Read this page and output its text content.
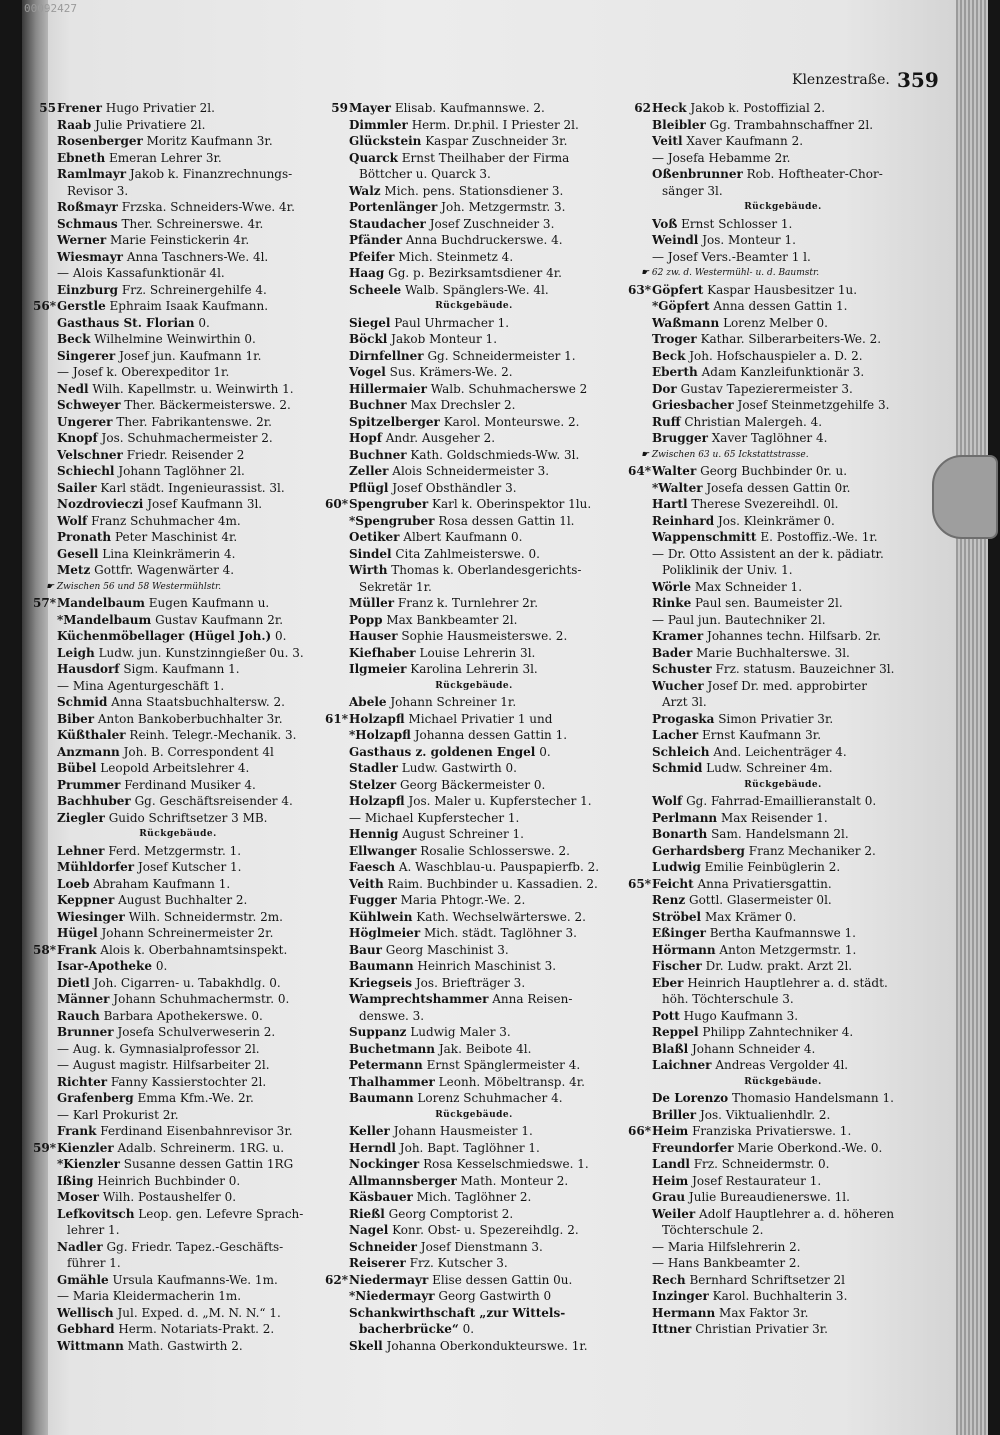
00092427
Klenzestraße. 359
55 Frener Hugo Privatier 2l.
Raab Julie Privatiere 2l.
Rosenberger Moritz Kaufmann 3r.
Ebneth Emeran Lehrer 3r.
Ramlmayr Jakob k. Finanzrechnungs-
Revisor 3.
Roßmayr Frzska. Schneiders-Wwe. 4r.
Schmaus Ther. Schreinerswe. 4r.
Werner Marie Feinstickerin 4r.
Wiesmayr Anna Taschners-We. 4l.
— Alois Kassafunktionär 4l.
Einzburg Frz. Schreinergehilfe 4.
56* Gerstle Ephraim Isaak Kaufmann.
Gasthaus St. Florian 0.
Beck Wilhelmine Weinwirthin 0.
Singerer Josef jun. Kaufmann 1r.
— Josef k. Oberexpeditor 1r.
Nedl Wilh. Kapellmstr. u. Weinwirth 1.
Schweyer Ther. Bäckermeisterswe. 2.
Ungerer Ther. Fabrikantenswe. 2r.
Knopf Jos. Schuhmachermeister 2.
Velschner Friedr. Reisender 2
Schiechl Johann Taglöhner 2l.
Sailer Karl städt. Ingenieurassist. 3l.
Nozdrovieczi Josef Kaufmann 3l.
Wolf Franz Schuhmacher 4m.
Pronath Peter Maschinist 4r.
Gesell Lina Kleinkrämerin 4.
Metz Gottfr. Wagenwärter 4.
☛ Zwischen 56 und 58 Westermühlstr.
57* Mandelbaum Eugen Kaufmann u.
*Mandelbaum Gustav Kaufmann 2r.
Küchenmöbellager (Hügel Joh.) 0.
Leigh Ludw. jun. Kunstzinngießer 0u. 3.
Hausdorf Sigm. Kaufmann 1.
— Mina Agenturgeschäft 1.
Schmid Anna Staatsbuchhaltersw. 2.
Biber Anton Bankoberbuchhalter 3r.
Küßthaler Reinh. Telegr.-Mechanik. 3.
Anzmann Joh. B. Correspondent 4l
Bübel Leopold Arbeitslehrer 4.
Prummer Ferdinand Musiker 4.
Bachhuber Gg. Geschäftsreisender 4.
Ziegler Guido Schriftsetzer 3 MB.
Rückgebäude.
Lehner Ferd. Metzgermstr. 1.
Mühldorfer Josef Kutscher 1.
Loeb Abraham Kaufmann 1.
Keppner August Buchhalter 2.
Wiesinger Wilh. Schneidermstr. 2m.
Hügel Johann Schreinermeister 2r.
58* Frank Alois k. Oberbahnamtsinspekt.
Isar-Apotheke 0.
Dietl Joh. Cigarren- u. Tabakhdlg. 0.
Männer Johann Schuhmachermstr. 0.
Rauch Barbara Apothekerswe. 0.
Brunner Josefa Schulverweserin 2.
— Aug. k. Gymnasialprofessor 2l.
— August magistr. Hilfsarbeiter 2l.
Richter Fanny Kassierstochter 2l.
Grafenberg Emma Kfm.-We. 2r.
— Karl Prokurist 2r.
Frank Ferdinand Eisenbahnrevisor 3r.
59* Kienzler Adalb. Schreinerm. 1RG. u.
*Kienzler Susanne dessen Gattin 1RG
Ißing Heinrich Buchbinder 0.
Moser Wilh. Postaushelfer 0.
Lefkovitsch Leop. gen. Lefevre Sprach-
lehrer 1.
Nadler Gg. Friedr. Tapez.-Geschäfts-
führer 1.
Gmähle Ursula Kaufmanns-We. 1m.
— Maria Kleidermacherin 1m.
Wellisch Jul. Exped. d. „M. N. N.“ 1.
Gebhard Herm. Notariats-Prakt. 2.
Wittmann Math. Gastwirth 2.
59 Mayer Elisab. Kaufmannswe. 2.
Dimmler Herm. Dr.phil. I Priester 2l.
Glückstein Kaspar Zuschneider 3r.
Quarck Ernst Theilhaber der Firma
Böttcher u. Quarck 3.
Walz Mich. pens. Stationsdiener 3.
Portenlänger Joh. Metzgermstr. 3.
Staudacher Josef Zuschneider 3.
Pfänder Anna Buchdruckerswe. 4.
Pfeifer Mich. Steinmetz 4.
Haag Gg. p. Bezirksamtsdiener 4r.
Scheele Walb. Spänglers-We. 4l.
Rückgebäude.
Siegel Paul Uhrmacher 1.
Böckl Jakob Monteur 1.
Dirnfellner Gg. Schneidermeister 1.
Vogel Sus. Krämers-We. 2.
Hillermaier Walb. Schuhmacherswe 2
Buchner Max Drechsler 2.
Spitzelberger Karol. Monteurswe. 2.
Hopf Andr. Ausgeher 2.
Buchner Kath. Goldschmieds-Ww. 3l.
Zeller Alois Schneidermeister 3.
Pflügl Josef Obsthändler 3.
60* Spengruber Karl k. Oberinspektor 1lu.
*Spengruber Rosa dessen Gattin 1l.
Oetiker Albert Kaufmann 0.
Sindel Cita Zahlmeisterswe. 0.
Wirth Thomas k. Oberlandesgerichts-
Sekretär 1r.
Müller Franz k. Turnlehrer 2r.
Popp Max Bankbeamter 2l.
Hauser Sophie Hausmeisterswe. 2.
Kiefhaber Louise Lehrerin 3l.
Ilgmeier Karolina Lehrerin 3l.
Rückgebäude.
Abele Johann Schreiner 1r.
61* Holzapfl Michael Privatier 1 und
*Holzapfl Johanna dessen Gattin 1.
Gasthaus z. goldenen Engel 0.
Stadler Ludw. Gastwirth 0.
Stelzer Georg Bäckermeister 0.
Holzapfl Jos. Maler u. Kupferstecher 1.
— Michael Kupferstecher 1.
Hennig August Schreiner 1.
Ellwanger Rosalie Schlosserswe. 2.
Faesch A. Waschblau-u. Pauspapierfb. 2.
Veith Raim. Buchbinder u. Kassadien. 2.
Fugger Maria Phtogr.-We. 2.
Kühlwein Kath. Wechselwärterswe. 2.
Höglmeier Mich. städt. Taglöhner 3.
Baur Georg Maschinist 3.
Baumann Heinrich Maschinist 3.
Kriegseis Jos. Briefträger 3.
Wamprechtshammer Anna Reisen-
denswe. 3.
Suppanz Ludwig Maler 3.
Buchetmann Jak. Beibote 4l.
Petermann Ernst Spänglermeister 4.
Thalhammer Leonh. Möbeltransp. 4r.
Baumann Lorenz Schuhmacher 4.
Rückgebäude.
Keller Johann Hausmeister 1.
Herndl Joh. Bapt. Taglöhner 1.
Nockinger Rosa Kesselschmiedswe. 1.
Allmannsberger Math. Monteur 2.
Käsbauer Mich. Taglöhner 2.
Rießl Georg Comptorist 2.
Nagel Konr. Obst- u. Spezereihdlg. 2.
Schneider Josef Dienstmann 3.
Reiserer Frz. Kutscher 3.
62* Niedermayr Elise dessen Gattin 0u.
*Niedermayr Georg Gastwirth 0
Schankwirthschaft „zur Wittels-
bacherbrücke“ 0.
Skell Johanna Oberkondukteurswe. 1r.
62 Heck Jakob k. Postoffizial 2.
Bleibler Gg. Trambahnschaffner 2l.
Veitl Xaver Kaufmann 2.
— Josefa Hebamme 2r.
Oßenbrunner Rob. Hoftheater-Chor-
sänger 3l.
Rückgebäude.
Voß Ernst Schlosser 1.
Weindl Jos. Monteur 1.
— Josef Vers.-Beamter 1 l.
☛ 62 zw. d. Westermühl- u. d. Baumstr.
63* Göpfert Kaspar Hausbesitzer 1u.
*Göpfert Anna dessen Gattin 1.
Waßmann Lorenz Melber 0.
Troger Kathar. Silberarbeiters-We. 2.
Beck Joh. Hofschauspieler a. D. 2.
Eberth Adam Kanzleifunktionär 3.
Dor Gustav Tapezierermeister 3.
Griesbacher Josef Steinmetzgehilfe 3.
Ruff Christian Malergeh. 4.
Brugger Xaver Taglöhner 4.
☛ Zwischen 63 u. 65 Ickstattstrasse.
64* Walter Georg Buchbinder 0r. u.
*Walter Josefa dessen Gattin 0r.
Hartl Therese Svezereihdl. 0l.
Reinhard Jos. Kleinkrämer 0.
Wappenschmitt E. Postoffiz.-We. 1r.
— Dr. Otto Assistent an der k. pädiatr.
Poliklinik der Univ. 1.
Wörle Max Schneider 1.
Rinke Paul sen. Baumeister 2l.
— Paul jun. Bautechniker 2l.
Kramer Johannes techn. Hilfsarb. 2r.
Bader Marie Buchhalterswe. 3l.
Schuster Frz. statusm. Bauzeichner 3l.
Wucher Josef Dr. med. approbirter
Arzt 3l.
Progaska Simon Privatier 3r.
Lacher Ernst Kaufmann 3r.
Schleich And. Leichenträger 4.
Schmid Ludw. Schreiner 4m.
Rückgebäude.
Wolf Gg. Fahrrad-Emaillieranstalt 0.
Perlmann Max Reisender 1.
Bonarth Sam. Handelsmann 2l.
Gerhardsberg Franz Mechaniker 2.
Ludwig Emilie Feinbüglerin 2.
65* Feicht Anna Privatiersgattin.
Renz Gottl. Glasermeister 0l.
Ströbel Max Krämer 0.
Eßinger Bertha Kaufmannswe 1.
Hörmann Anton Metzgermstr. 1.
Fischer Dr. Ludw. prakt. Arzt 2l.
Eber Heinrich Hauptlehrer a. d. städt.
höh. Töchterschule 3.
Pott Hugo Kaufmann 3.
Reppel Philipp Zahntechniker 4.
Blaßl Johann Schneider 4.
Laichner Andreas Vergolder 4l.
Rückgebäude.
De Lorenzo Thomasio Handelsmann 1.
Briller Jos. Viktualienhdlr. 2.
66* Heim Franziska Privatierswe. 1.
Freundorfer Marie Oberkond.-We. 0.
Landl Frz. Schneidermstr. 0.
Heim Josef Restaurateur 1.
Grau Julie Bureaudienerswe. 1l.
Weiler Adolf Hauptlehrer a. d. höheren
Töchterschule 2.
— Maria Hilfslehrerin 2.
— Hans Bankbeamter 2.
Rech Bernhard Schriftsetzer 2l
Inzinger Karol. Buchhalterin 3.
Hermann Max Faktor 3r.
Ittner Christian Privatier 3r.
